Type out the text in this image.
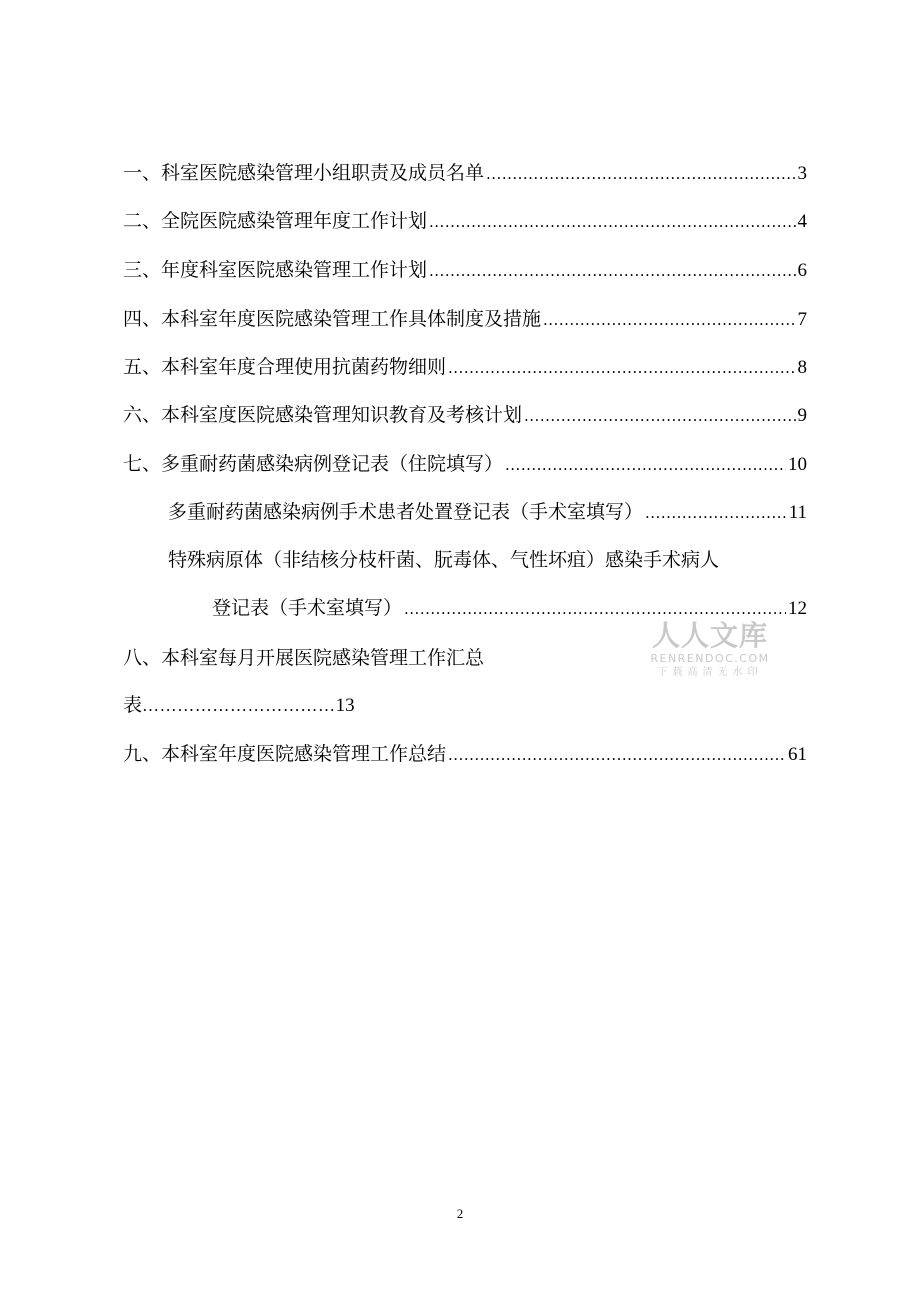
一、科室医院感染管理小组职责及成员名单 .....	3
二、全院医院感染管理年度工作计划 .....	4
三、年度科室医院感染管理工作计划 .....	6
四、本科室年度医院感染管理工作具体制度及措施 .....	7
五、本科室年度合理使用抗菌药物细则 .....	8
六、本科室度医院感染管理知识教育及考核计划 .....	9
七、多重耐药菌感染病例登记表（住院填写） .....	10
多重耐药菌感染病例手术患者处置登记表（手术室填写） .....	11
特殊病原体（非结核分枝杆菌、朊毒体、气性坏疽）感染手术病人
登记表（手术室填写） .....	12
八、本科室每月开展医院感染管理工作汇总
表……………………………13
九、本科室年度医院感染管理工作总结 .....	61
人人文库
RENRENDOC.COM
下载高清无水印
2
